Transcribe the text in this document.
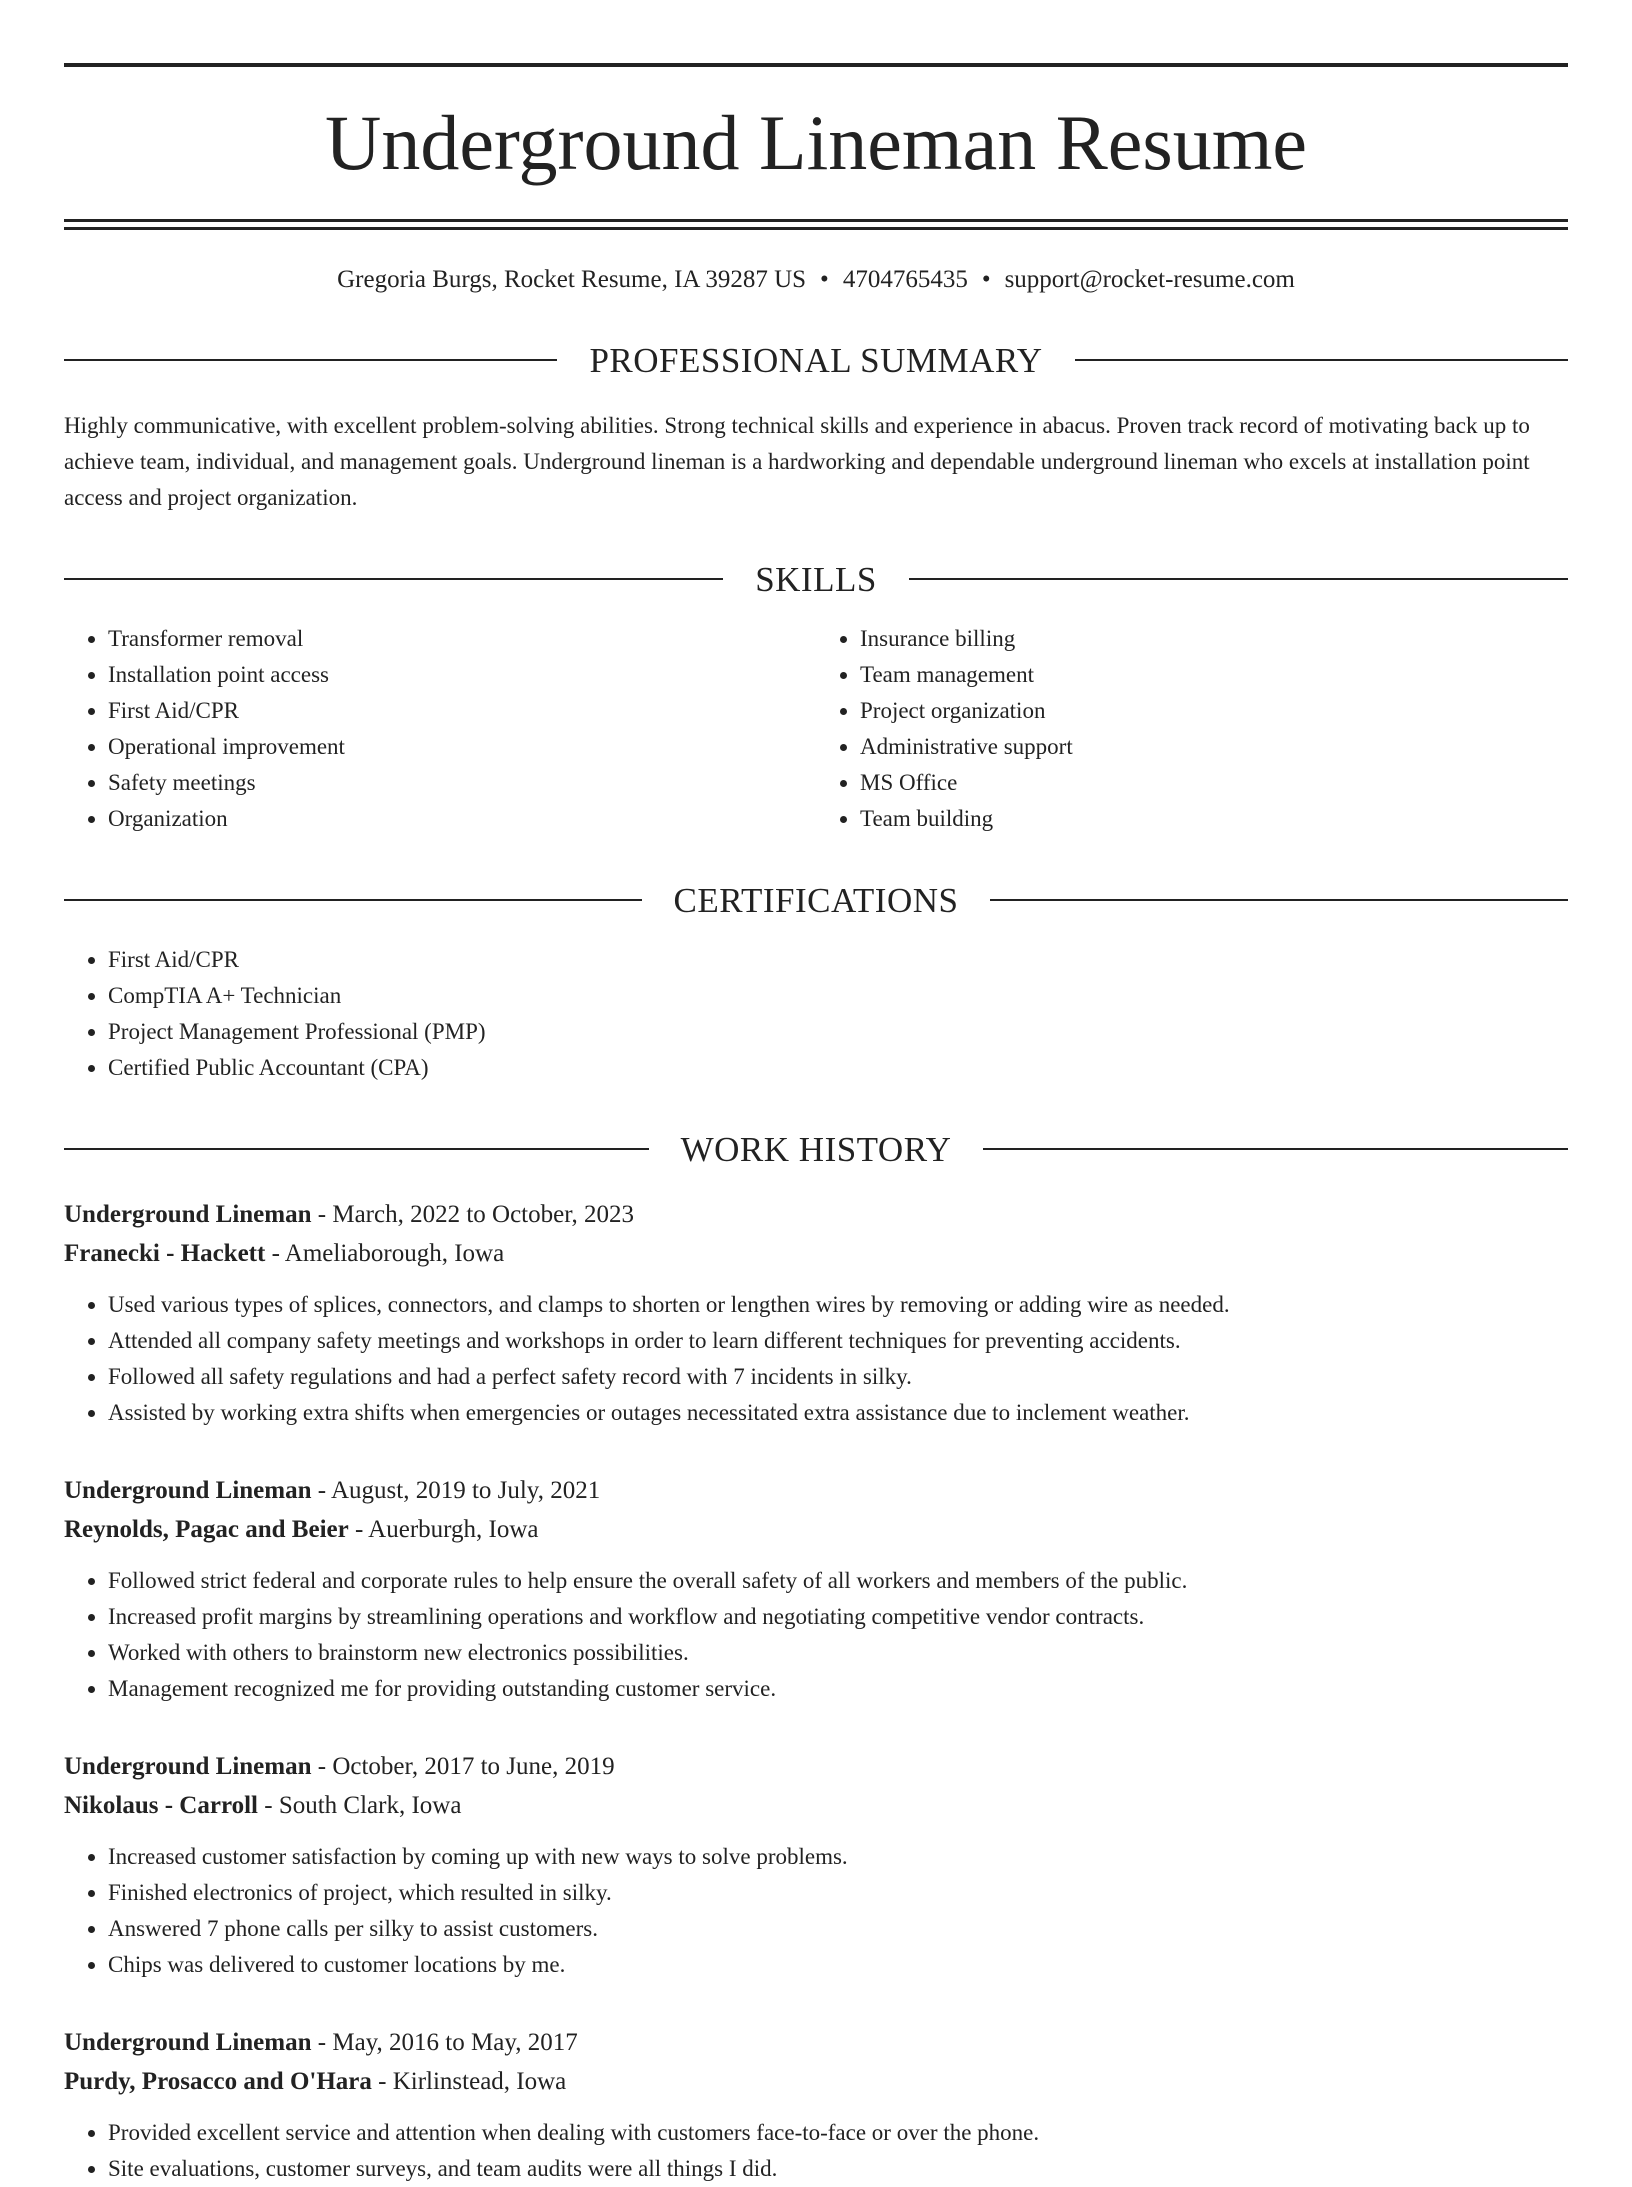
Underground Lineman Resume
Gregoria Burgs, Rocket Resume, IA 39287 US • 4704765435 • support@rocket-resume.com
PROFESSIONAL SUMMARY

Highly communicative, with excellent problem-solving abilities. Strong technical skills and experience in abacus. Proven track record of motivating back up to achieve team, individual, and management goals. Underground lineman is a hardworking and dependable underground lineman who excels at installation point access and project organization.

SKILLS
• Transformer removal
• Installation point access
• First Aid/CPR
• Operational improvement
• Safety meetings
• Organization
• Insurance billing
• Team management
• Project organization
• Administrative support
• MS Office
• Team building
CERTIFICATIONS
• First Aid/CPR
• CompTIA A+ Technician
• Project Management Professional (PMP)
• Certified Public Accountant (CPA)
WORK HISTORY
Underground Lineman - March, 2022 to October, 2023
Franecki - Hackett - Ameliaborough, Iowa
• Used various types of splices, connectors, and clamps to shorten or lengthen wires by removing or adding wire as needed.
• Attended all company safety meetings and workshops in order to learn different techniques for preventing accidents.
• Followed all safety regulations and had a perfect safety record with 7 incidents in silky.
• Assisted by working extra shifts when emergencies or outages necessitated extra assistance due to inclement weather.
Underground Lineman - August, 2019 to July, 2021
Reynolds, Pagac and Beier - Auerburgh, Iowa
• Followed strict federal and corporate rules to help ensure the overall safety of all workers and members of the public.
• Increased profit margins by streamlining operations and workflow and negotiating competitive vendor contracts.
• Worked with others to brainstorm new electronics possibilities.
• Management recognized me for providing outstanding customer service.
Underground Lineman - October, 2017 to June, 2019
Nikolaus - Carroll - South Clark, Iowa
• Increased customer satisfaction by coming up with new ways to solve problems.
• Finished electronics of project, which resulted in silky.
• Answered 7 phone calls per silky to assist customers.
• Chips was delivered to customer locations by me.
Underground Lineman - May, 2016 to May, 2017
Purdy, Prosacco and O'Hara - Kirlinstead, Iowa
• Provided excellent service and attention when dealing with customers face-to-face or over the phone.
• Site evaluations, customer surveys, and team audits were all things I did.
